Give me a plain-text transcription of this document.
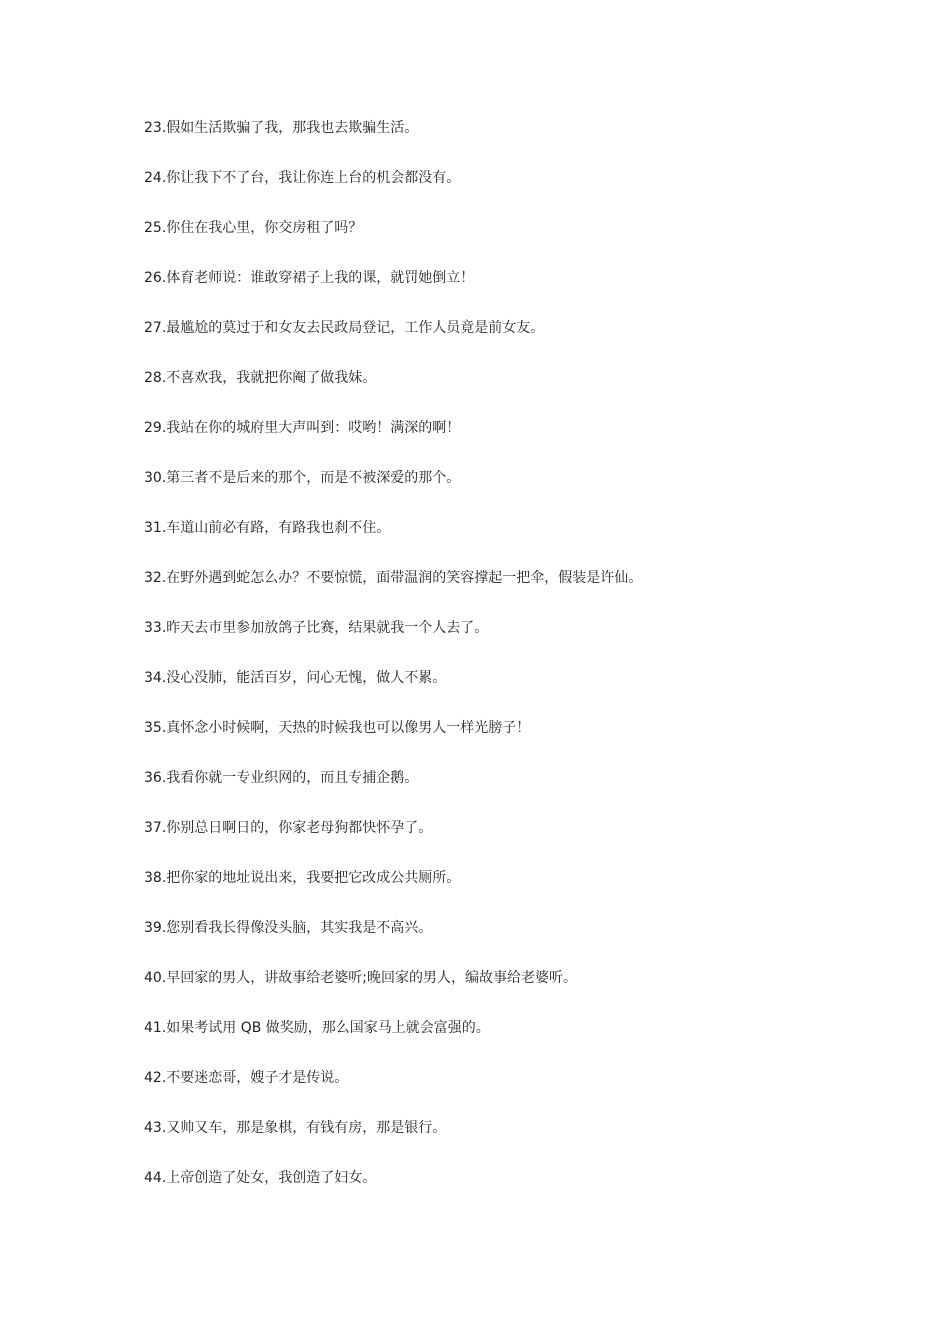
23.假如生活欺骗了我，那我也去欺骗生活。
24.你让我下不了台，我让你连上台的机会都没有。
25.你住在我心里，你交房租了吗？
26.体育老师说：谁敢穿裙子上我的课，就罚她倒立！
27.最尴尬的莫过于和女友去民政局登记，工作人员竟是前女友。
28.不喜欢我，我就把你阉了做我妹。
29.我站在你的城府里大声叫到：哎哟！满深的啊！
30.第三者不是后来的那个，而是不被深爱的那个。
31.车道山前必有路，有路我也刹不住。
32.在野外遇到蛇怎么办？不要惊慌，面带温润的笑容撑起一把伞，假装是许仙。
33.昨天去市里参加放鸽子比赛，结果就我一个人去了。
34.没心没肺，能活百岁，问心无愧，做人不累。
35.真怀念小时候啊，天热的时候我也可以像男人一样光膀子！
36.我看你就一专业织网的，而且专捕企鹅。
37.你别总日啊日的，你家老母狗都快怀孕了。
38.把你家的地址说出来，我要把它改成公共厕所。
39.您别看我长得像没头脑，其实我是不高兴。
40.早回家的男人，讲故事给老婆听;晚回家的男人，编故事给老婆听。
41.如果考试用 QB 做奖励，那么国家马上就会富强的。
42.不要迷恋哥，嫂子才是传说。
43.又帅又车，那是象棋，有钱有房，那是银行。
44.上帝创造了处女，我创造了妇女。
